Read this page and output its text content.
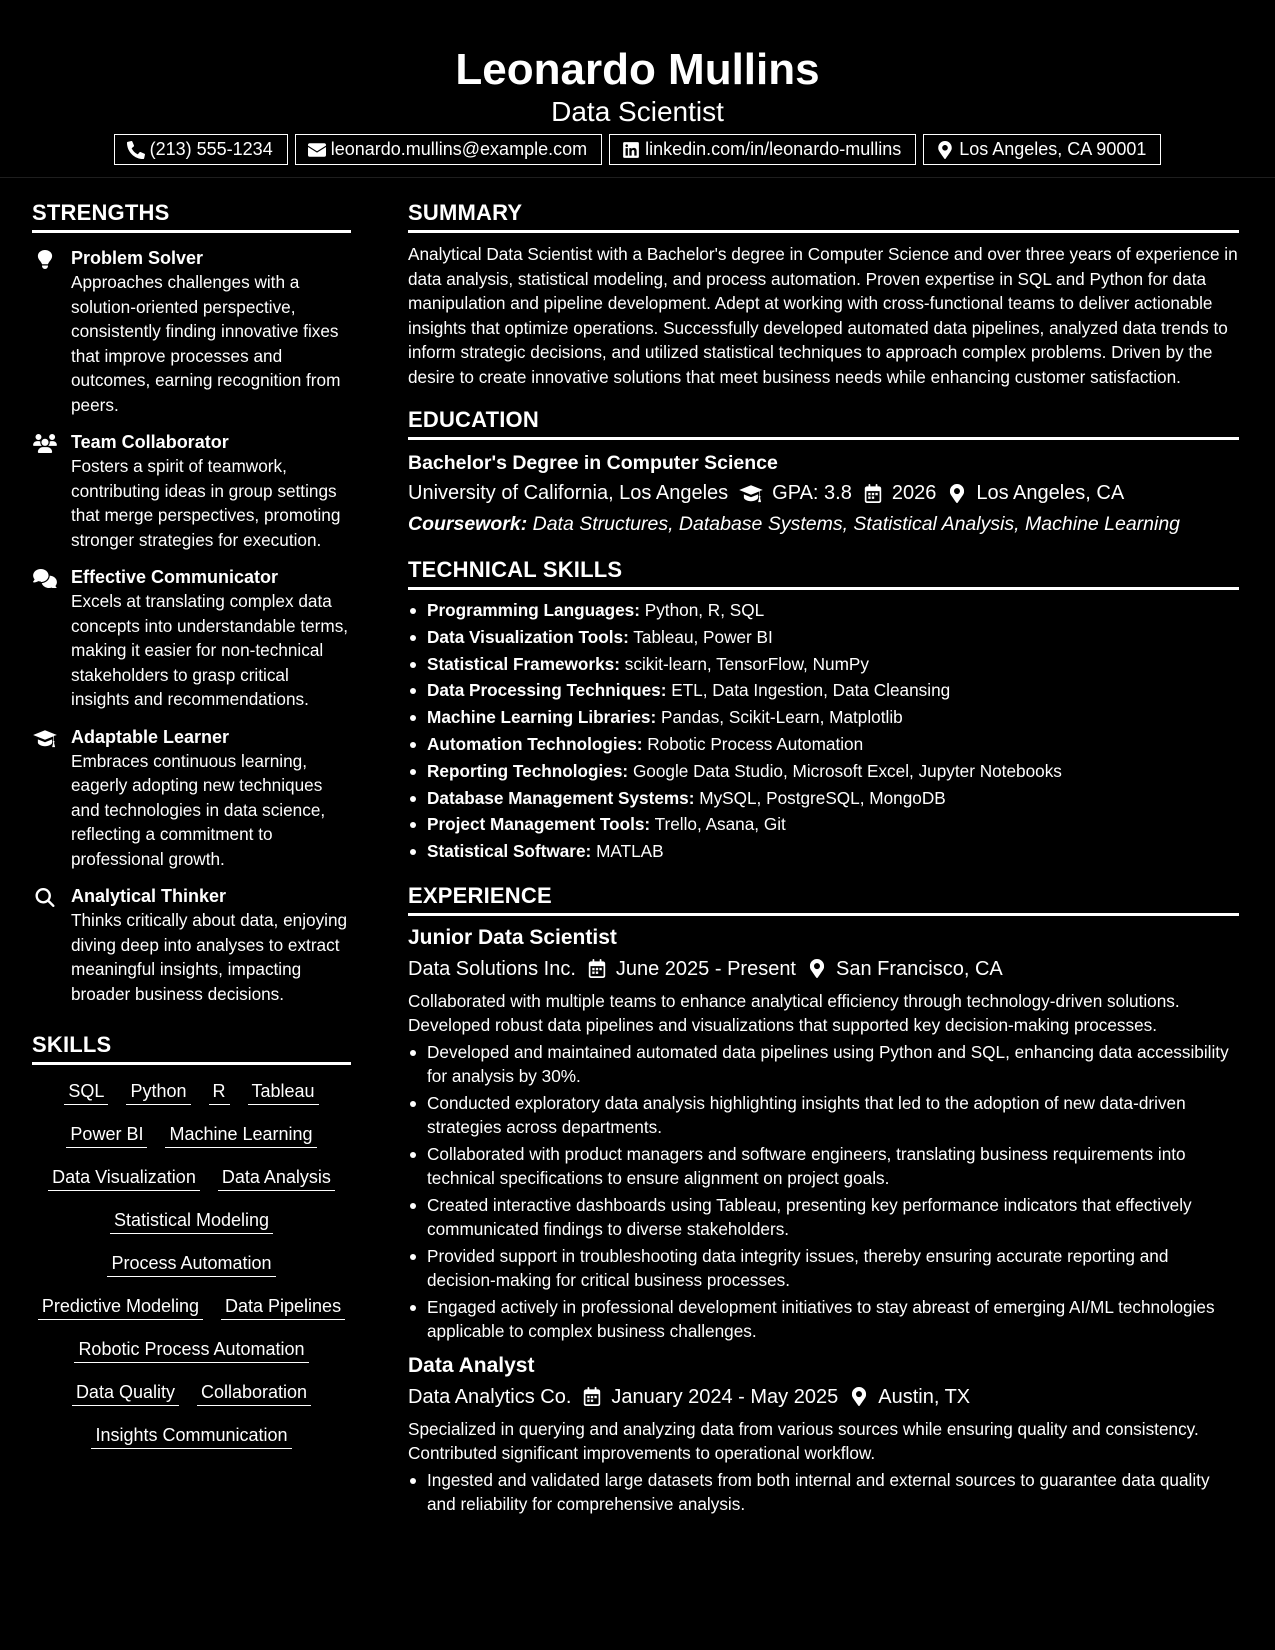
Leonardo Mullins
Data Scientist
(213) 555-1234	leonardo.mullins@example.com	linkedin.com/in/leonardo-mullins	Los Angeles, CA 90001
STRENGTHS
Problem Solver
Approaches challenges with a solution-oriented perspective, consistently finding innovative fixes that improve processes and outcomes, earning recognition from peers.
Team Collaborator
Fosters a spirit of teamwork, contributing ideas in group settings that merge perspectives, promoting stronger strategies for execution.
Effective Communicator
Excels at translating complex data concepts into understandable terms, making it easier for non-technical stakeholders to grasp critical insights and recommendations.
Adaptable Learner
Embraces continuous learning, eagerly adopting new techniques and technologies in data science, reflecting a commitment to professional growth.
Analytical Thinker
Thinks critically about data, enjoying diving deep into analyses to extract meaningful insights, impacting broader business decisions.
SKILLS
SQL Python R Tableau
Power BI Machine Learning
Data Visualization Data Analysis
Statistical Modeling
Process Automation
Predictive Modeling Data Pipelines
Robotic Process Automation
Data Quality Collaboration
Insights Communication
SUMMARY
Analytical Data Scientist with a Bachelor's degree in Computer Science and over three years of experience in data analysis, statistical modeling, and process automation. Proven expertise in SQL and Python for data manipulation and pipeline development. Adept at working with cross-functional teams to deliver actionable insights that optimize operations. Successfully developed automated data pipelines, analyzed data trends to inform strategic decisions, and utilized statistical techniques to approach complex problems. Driven by the desire to create innovative solutions that meet business needs while enhancing customer satisfaction.
EDUCATION
Bachelor's Degree in Computer Science
University of California, Los Angeles GPA: 3.8 2026 Los Angeles, CA
Coursework: Data Structures, Database Systems, Statistical Analysis, Machine Learning
TECHNICAL SKILLS
Programming Languages: Python, R, SQL
Data Visualization Tools: Tableau, Power BI
Statistical Frameworks: scikit-learn, TensorFlow, NumPy
Data Processing Techniques: ETL, Data Ingestion, Data Cleansing
Machine Learning Libraries: Pandas, Scikit-Learn, Matplotlib
Automation Technologies: Robotic Process Automation
Reporting Technologies: Google Data Studio, Microsoft Excel, Jupyter Notebooks
Database Management Systems: MySQL, PostgreSQL, MongoDB
Project Management Tools: Trello, Asana, Git
Statistical Software: MATLAB
EXPERIENCE
Junior Data Scientist
Data Solutions Inc. June 2025 - Present San Francisco, CA
Collaborated with multiple teams to enhance analytical efficiency through technology-driven solutions. Developed robust data pipelines and visualizations that supported key decision-making processes.
Developed and maintained automated data pipelines using Python and SQL, enhancing data accessibility for analysis by 30%.
Conducted exploratory data analysis highlighting insights that led to the adoption of new data-driven strategies across departments.
Collaborated with product managers and software engineers, translating business requirements into technical specifications to ensure alignment on project goals.
Created interactive dashboards using Tableau, presenting key performance indicators that effectively communicated findings to diverse stakeholders.
Provided support in troubleshooting data integrity issues, thereby ensuring accurate reporting and decision-making for critical business processes.
Engaged actively in professional development initiatives to stay abreast of emerging AI/ML technologies applicable to complex business challenges.
Data Analyst
Data Analytics Co. January 2024 - May 2025 Austin, TX
Specialized in querying and analyzing data from various sources while ensuring quality and consistency. Contributed significant improvements to operational workflow.
Ingested and validated large datasets from both internal and external sources to guarantee data quality and reliability for comprehensive analysis.
